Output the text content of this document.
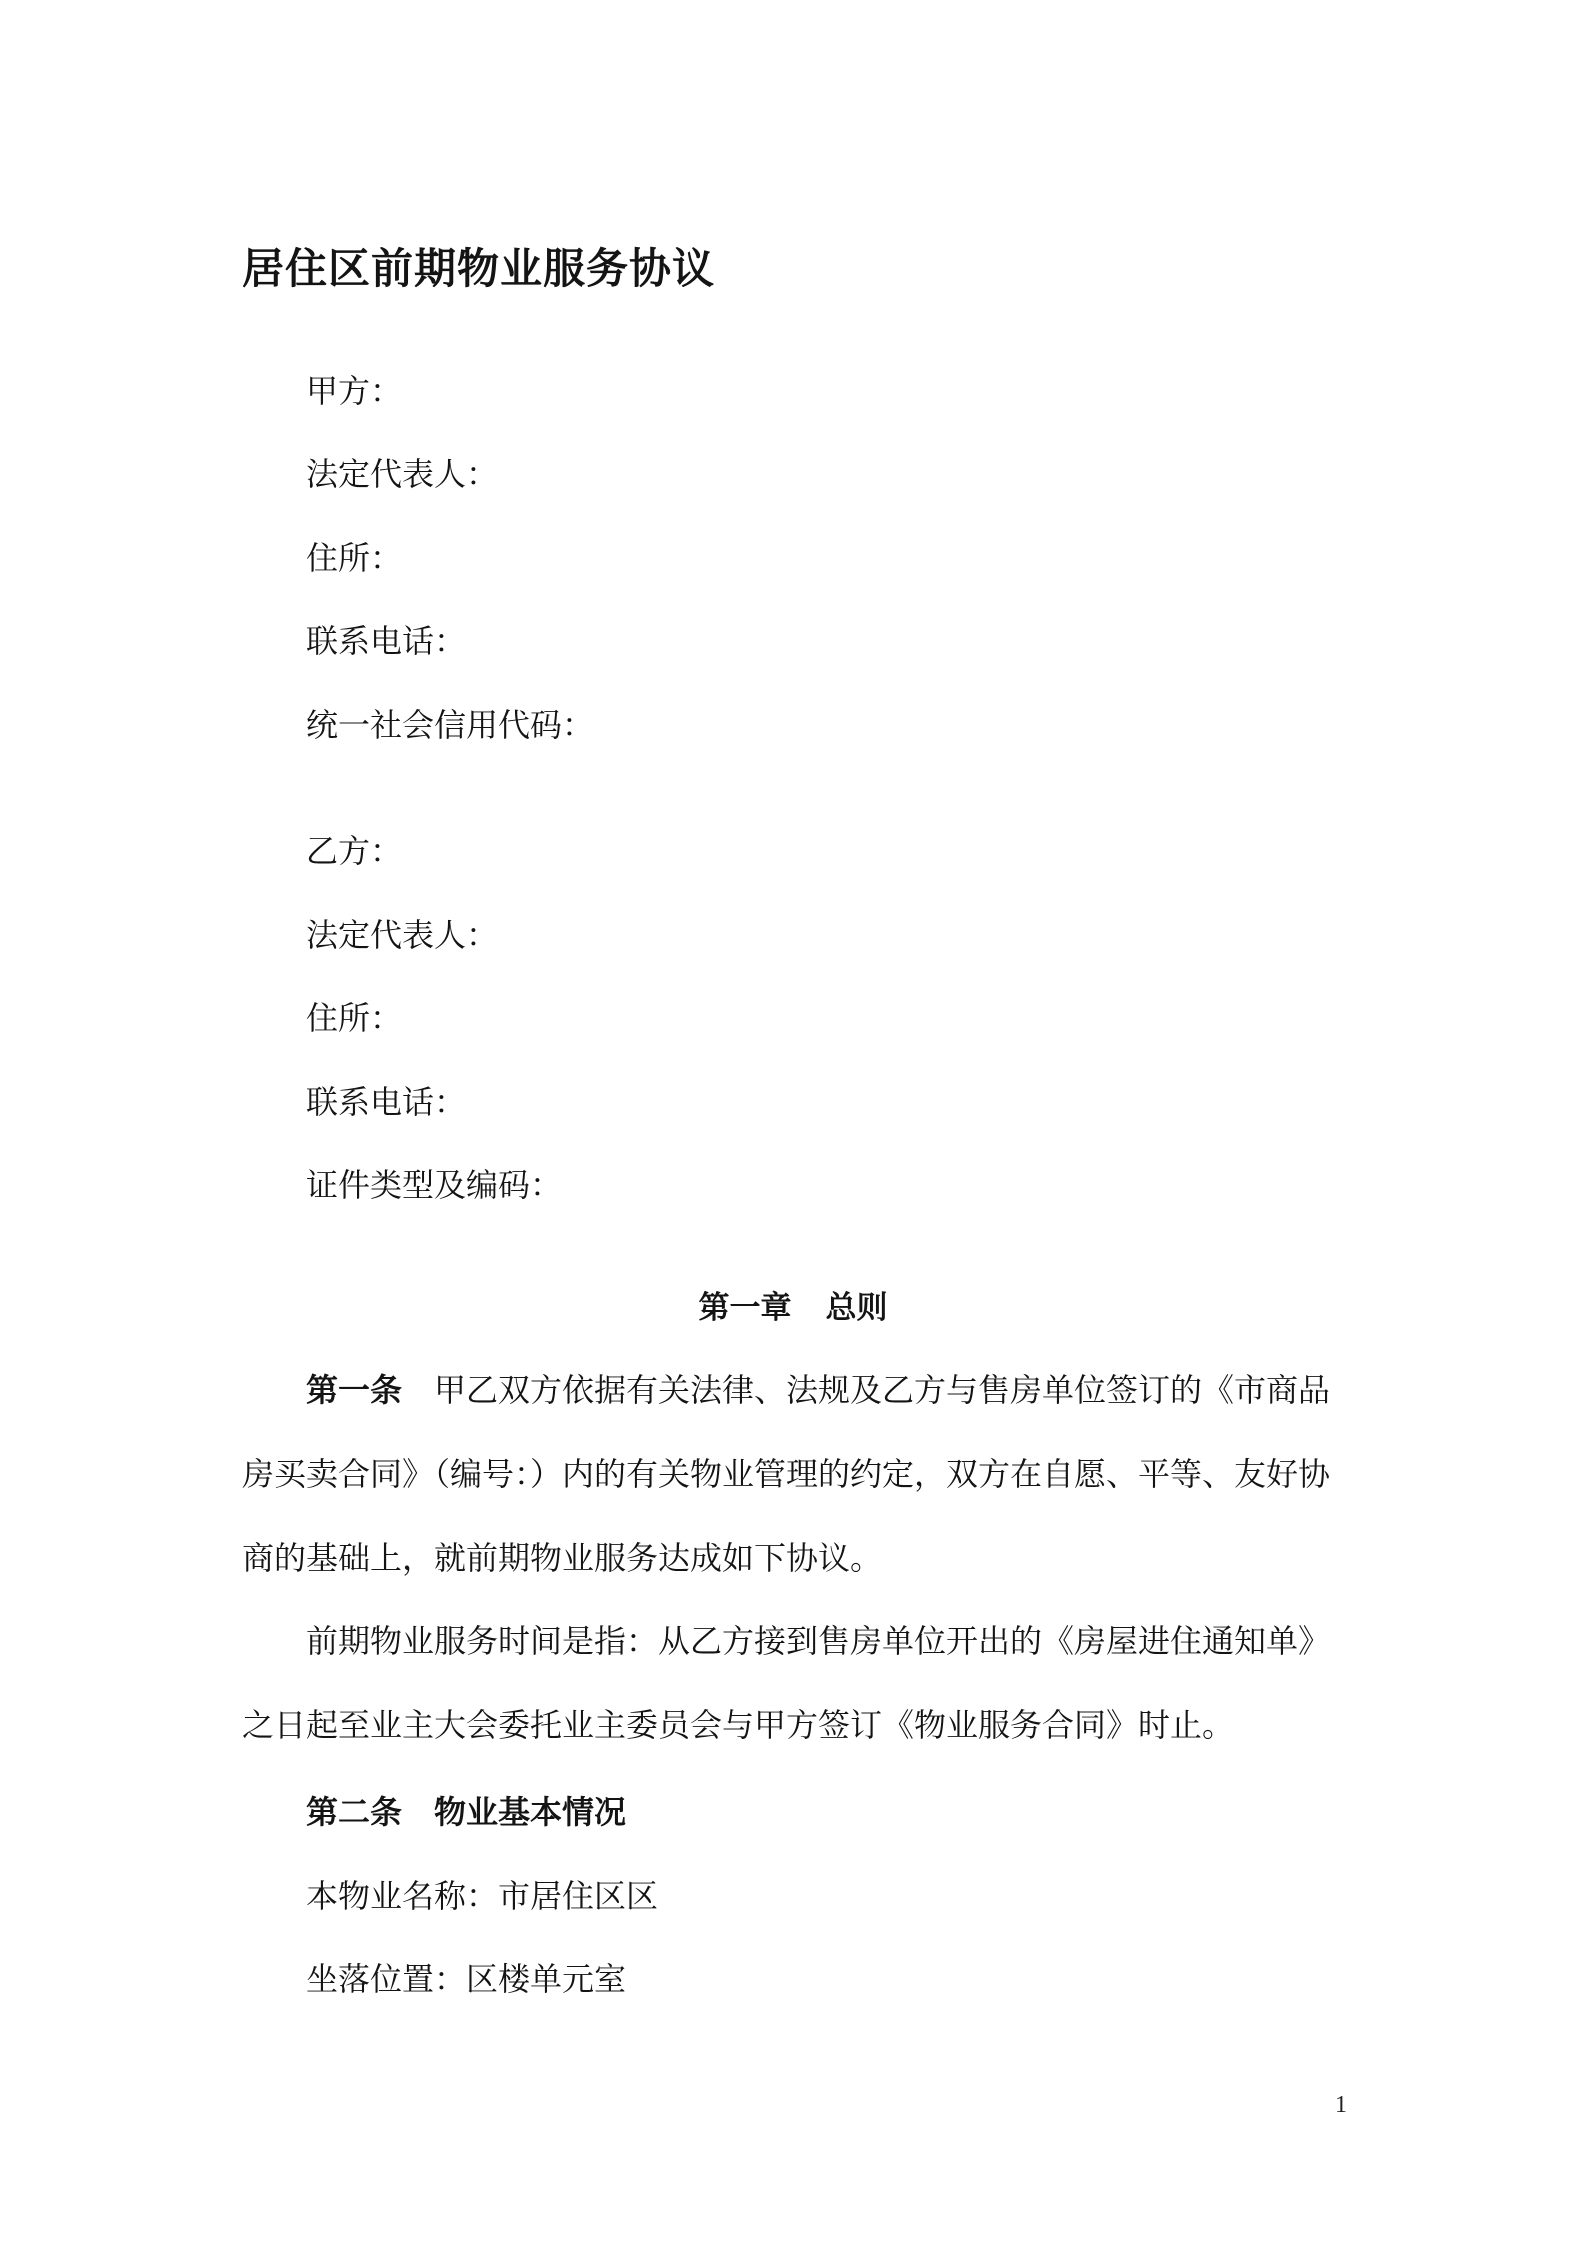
居住区前期物业服务协议
甲方：
法定代表人：
住所：
联系电话：
统一社会信用代码：
乙方：
法定代表人：
住所：
联系电话：
证件类型及编码：
第一章 总则
第一条 甲乙双方依据有关法律、法规及乙方与售房单位签订的《市商品房买卖合同》（编号：）内的有关物业管理的约定，双方在自愿、平等、友好协商的基础上，就前期物业服务达成如下协议。
前期物业服务时间是指：从乙方接到售房单位开出的《房屋进住通知单》之日起至业主大会委托业主委员会与甲方签订《物业服务合同》时止。
第二条 物业基本情况
本物业名称：市居住区区
坐落位置：区楼单元室
1
